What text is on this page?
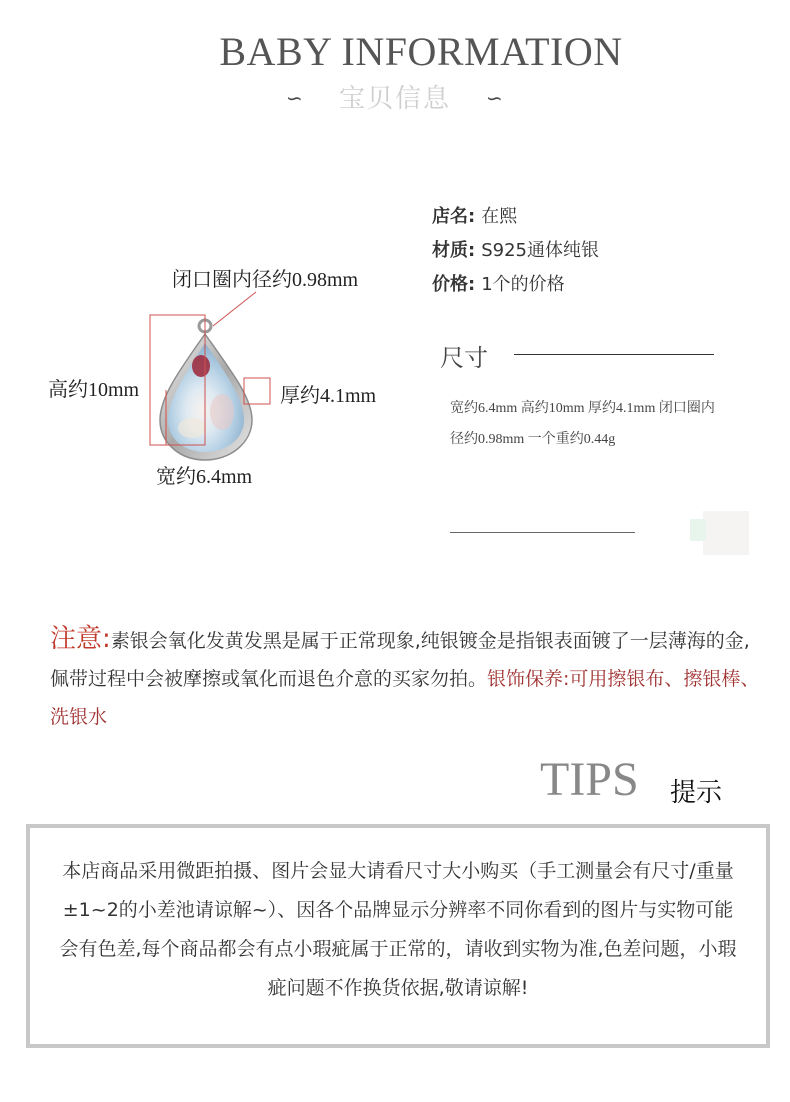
BABY INFORMATION
∽	宝贝信息	∽
店名: 在熙
材质: S925通体纯银
价格: 1个的价格
尺寸
宽约6.4mm 高约10mm 厚约4.1mm 闭口圈内径约0.98mm 一个重约0.44g
闭口圈内径约0.98mm
高约10mm	厚约4.1mm
宽约6.4mm
注意:素银会氧化发黄发黑是属于正常现象,纯银镀金是指银表面镀了一层薄海的金,佩带过程中会被摩擦或氧化而退色介意的买家勿拍。银饰保养:可用擦银布、擦银棒、洗银水
TIPS 提示
本店商品采用微距拍摄、图片会显大请看尺寸大小购买（手工测量会有尺寸/重量±1~2的小差池请谅解~）、因各个品牌显示分辨率不同你看到的图片与实物可能会有色差,每个商品都会有点小瑕疵属于正常的，请收到实物为准,色差问题，小瑕疵问题不作换货依据,敬请谅解!
